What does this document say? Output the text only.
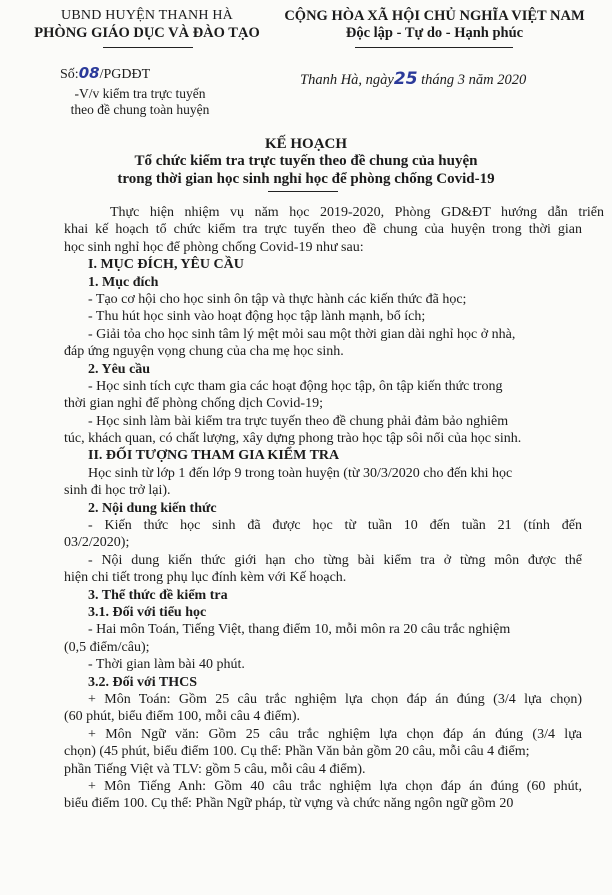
UBND HUYỆN THANH HÀ
PHÒNG GIÁO DỤC VÀ ĐÀO TẠO
CỘNG HÒA XÃ HỘI CHỦ NGHĨA VIỆT NAM
Độc lập - Tự do - Hạnh phúc
Số:08/PGDĐT
-V/v kiểm tra trực tuyến
theo đề chung toàn huyện
Thanh Hà, ngày25 tháng 3 năm 2020
KẾ HOẠCH
Tổ chức kiểm tra trực tuyến theo đề chung của huyện
trong thời gian học sinh nghỉ học để phòng chống Covid-19
Thực hiện nhiệm vụ năm học 2019-2020, Phòng GD&ĐT hướng dẫn triển
khai kế hoạch tổ chức kiểm tra trực tuyến theo đề chung của huyện trong thời gian
học sinh nghỉ học để phòng chống Covid-19 như sau:
I. MỤC ĐÍCH, YÊU CẦU
1. Mục đích
- Tạo cơ hội cho học sinh ôn tập và thực hành các kiến thức đã học;
- Thu hút học sinh vào hoạt động học tập lành mạnh, bổ ích;
- Giải tỏa cho học sinh tâm lý mệt mỏi sau một thời gian dài nghỉ học ở nhà,
đáp ứng nguyện vọng chung của cha mẹ học sinh.
2. Yêu cầu
- Học sinh tích cực tham gia các hoạt động học tập, ôn tập kiến thức trong
thời gian nghỉ để phòng chống dịch Covid-19;
- Học sinh làm bài kiểm tra trực tuyến theo đề chung phải đảm bảo nghiêm
túc, khách quan, có chất lượng, xây dựng phong trào học tập sôi nổi của học sinh.
II. ĐỐI TƯỢNG THAM GIA KIỂM TRA
Học sinh từ lớp 1 đến lớp 9 trong toàn huyện (từ 30/3/2020 cho đến khi học
sinh đi học trở lại).
2. Nội dung kiến thức
- Kiến thức học sinh đã được học từ tuần 10 đến tuần 21 (tính đến
03/2/2020);
- Nội dung kiến thức giới hạn cho từng bài kiểm tra ở từng môn được thể
hiện chi tiết trong phụ lục đính kèm với Kế hoạch.
3. Thể thức đề kiểm tra
3.1. Đối với tiểu học
- Hai môn Toán, Tiếng Việt, thang điểm 10, mỗi môn ra 20 câu trắc nghiệm
(0,5 điểm/câu);
- Thời gian làm bài 40 phút.
3.2. Đối với THCS
+ Môn Toán: Gồm 25 câu trắc nghiệm lựa chọn đáp án đúng (3/4 lựa chọn)
(60 phút, biểu điểm 100, mỗi câu 4 điểm).
+ Môn Ngữ văn: Gồm 25 câu trắc nghiệm lựa chọn đáp án đúng (3/4 lựa
chọn) (45 phút, biểu điểm 100. Cụ thể: Phần Văn bản gồm 20 câu, mỗi câu 4 điểm;
phần Tiếng Việt và TLV: gồm 5 câu, mỗi câu 4 điểm).
+ Môn Tiếng Anh: Gồm 40 câu trắc nghiệm lựa chọn đáp án đúng (60 phút,
biểu điểm 100. Cụ thể: Phần Ngữ pháp, từ vựng và chức năng ngôn ngữ gồm 20
